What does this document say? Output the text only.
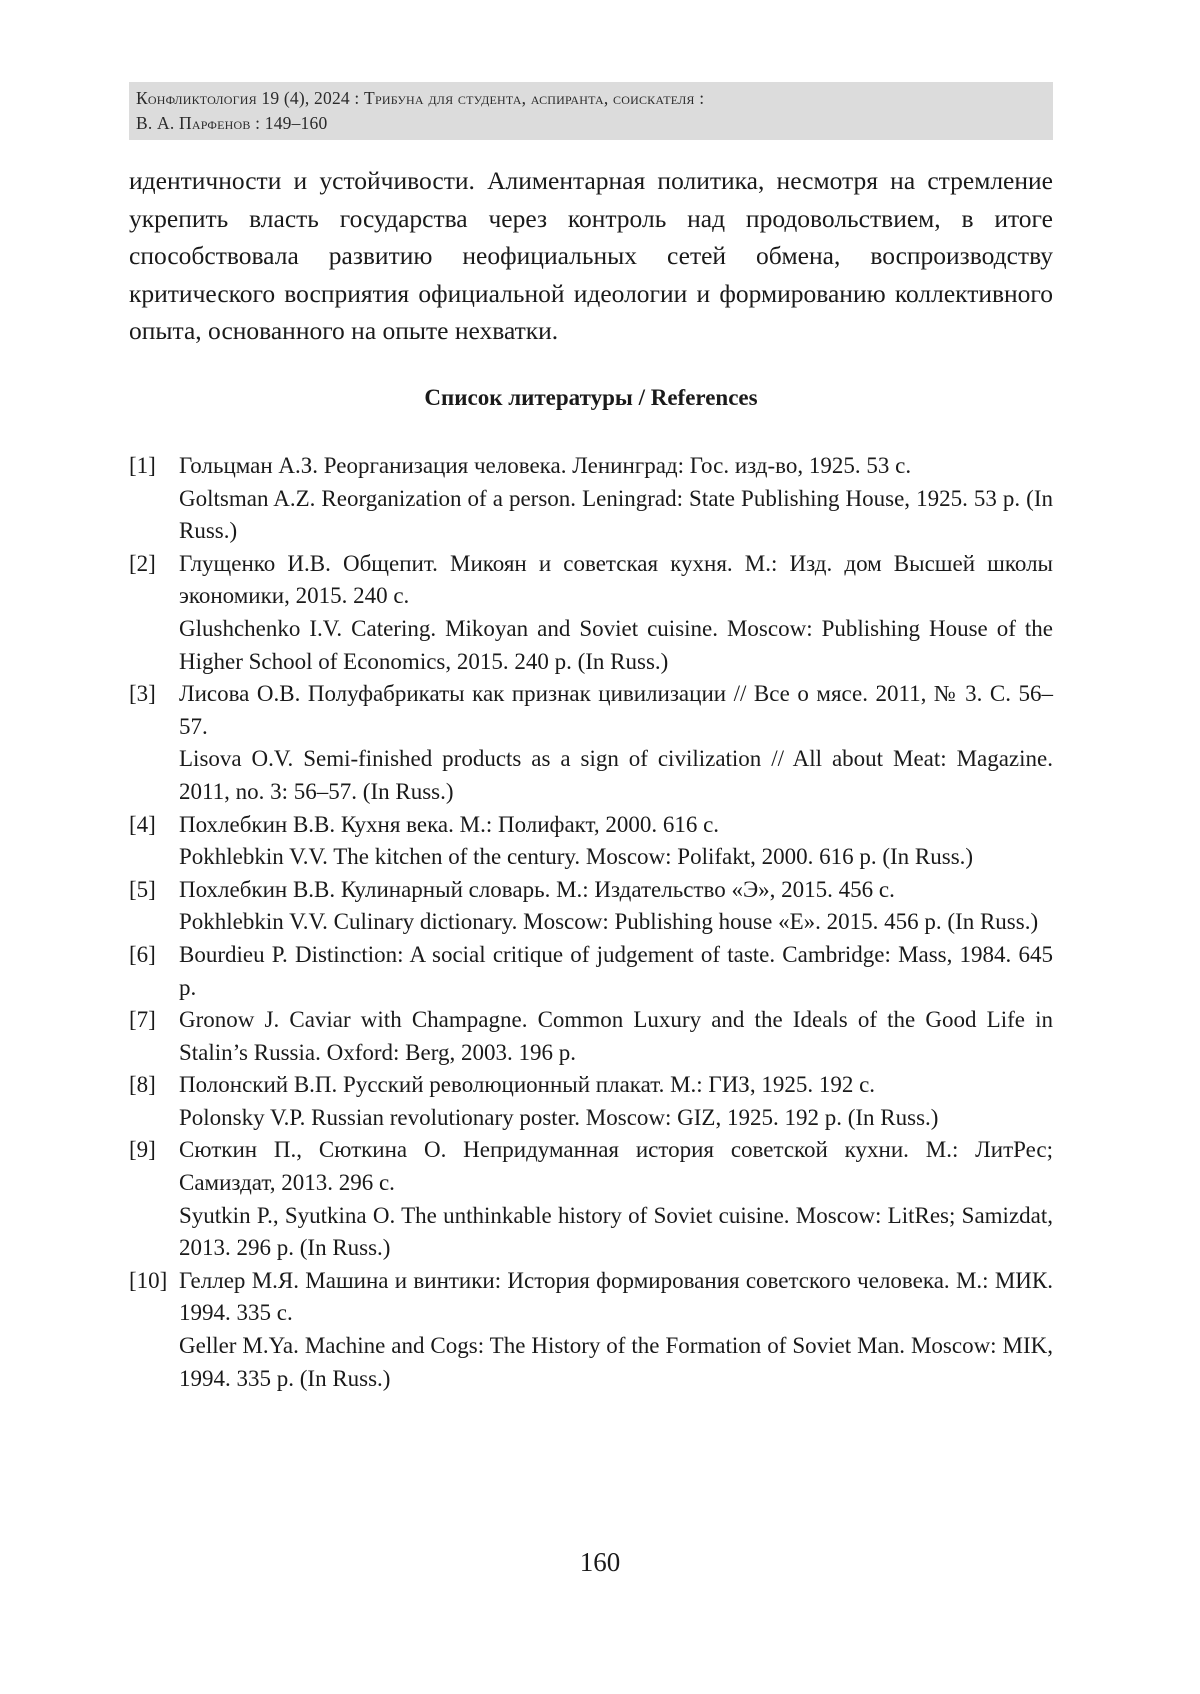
Конфликтология 19 (4), 2024 : Трибуна для студента, аспиранта, соискателя :
В. А. Парфенов : 149–160

идентичности и устойчивости. Алиментарная политика, несмотря на стремление укрепить власть государства через контроль над продовольствием, в итоге способствовала развитию неофициальных сетей обмена, воспроизводству критического восприятия официальной идеологии и формированию коллективного опыта, основанного на опыте нехватки.

Список литературы / References
[1] Гольцман А.З. Реорганизация человека. Ленинград: Гос. изд-во, 1925. 53 с.

Goltsman A.Z. Reorganization of a person. Leningrad: State Publishing House, 1925. 53 p. (In Russ.)

[2] Глущенко И.В. Общепит. Микоян и советская кухня. М.: Изд. дом Высшей школы экономики, 2015. 240 с.

Glushchenko I.V. Catering. Mikoyan and Soviet cuisine. Moscow: Publishing House of the Higher School of Economics, 2015. 240 p. (In Russ.)

[3] Лисова О.В. Полуфабрикаты как признак цивилизации // Все о мясе. 2011, № 3. С. 56–57.

Lisova O.V. Semi-finished products as a sign of civilization // All about Meat: Magazine. 2011, no. 3: 56–57. (In Russ.)

[4] Похлебкин В.В. Кухня века. М.: Полифакт, 2000. 616 с.

Pokhlebkin V.V. The kitchen of the century. Moscow: Polifakt, 2000. 616 p. (In Russ.)

[5] Похлебкин В.В. Кулинарный словарь. М.: Издательство «Э», 2015. 456 с.

Pokhlebkin V.V. Culinary dictionary. Moscow: Publishing house «E». 2015. 456 p. (In Russ.)

[6] Bourdieu P. Distinction: A social critique of judgement of taste. Cambridge: Mass, 1984. 645 p.

[7] Gronow J. Caviar with Champagne. Common Luxury and the Ideals of the Good Life in Stalin’s Russia. Oxford: Berg, 2003. 196 p.

[8] Полонский В.П. Русский революционный плакат. М.: ГИЗ, 1925. 192 с.

Polonsky V.P. Russian revolutionary poster. Moscow: GIZ, 1925. 192 p. (In Russ.)

[9] Сюткин П., Сюткина О. Непридуманная история советской кухни. М.: ЛитРес; Самиздат, 2013. 296 с.

Syutkin P., Syutkina O. The unthinkable history of Soviet cuisine. Moscow: LitRes; Samizdat, 2013. 296 p. (In Russ.)

[10] Геллер М.Я. Машина и винтики: История формирования советского человека. М.: МИК. 1994. 335 с.

Geller M.Ya. Machine and Cogs: The History of the Formation of Soviet Man. Moscow: MIK, 1994. 335 p. (In Russ.)

160
